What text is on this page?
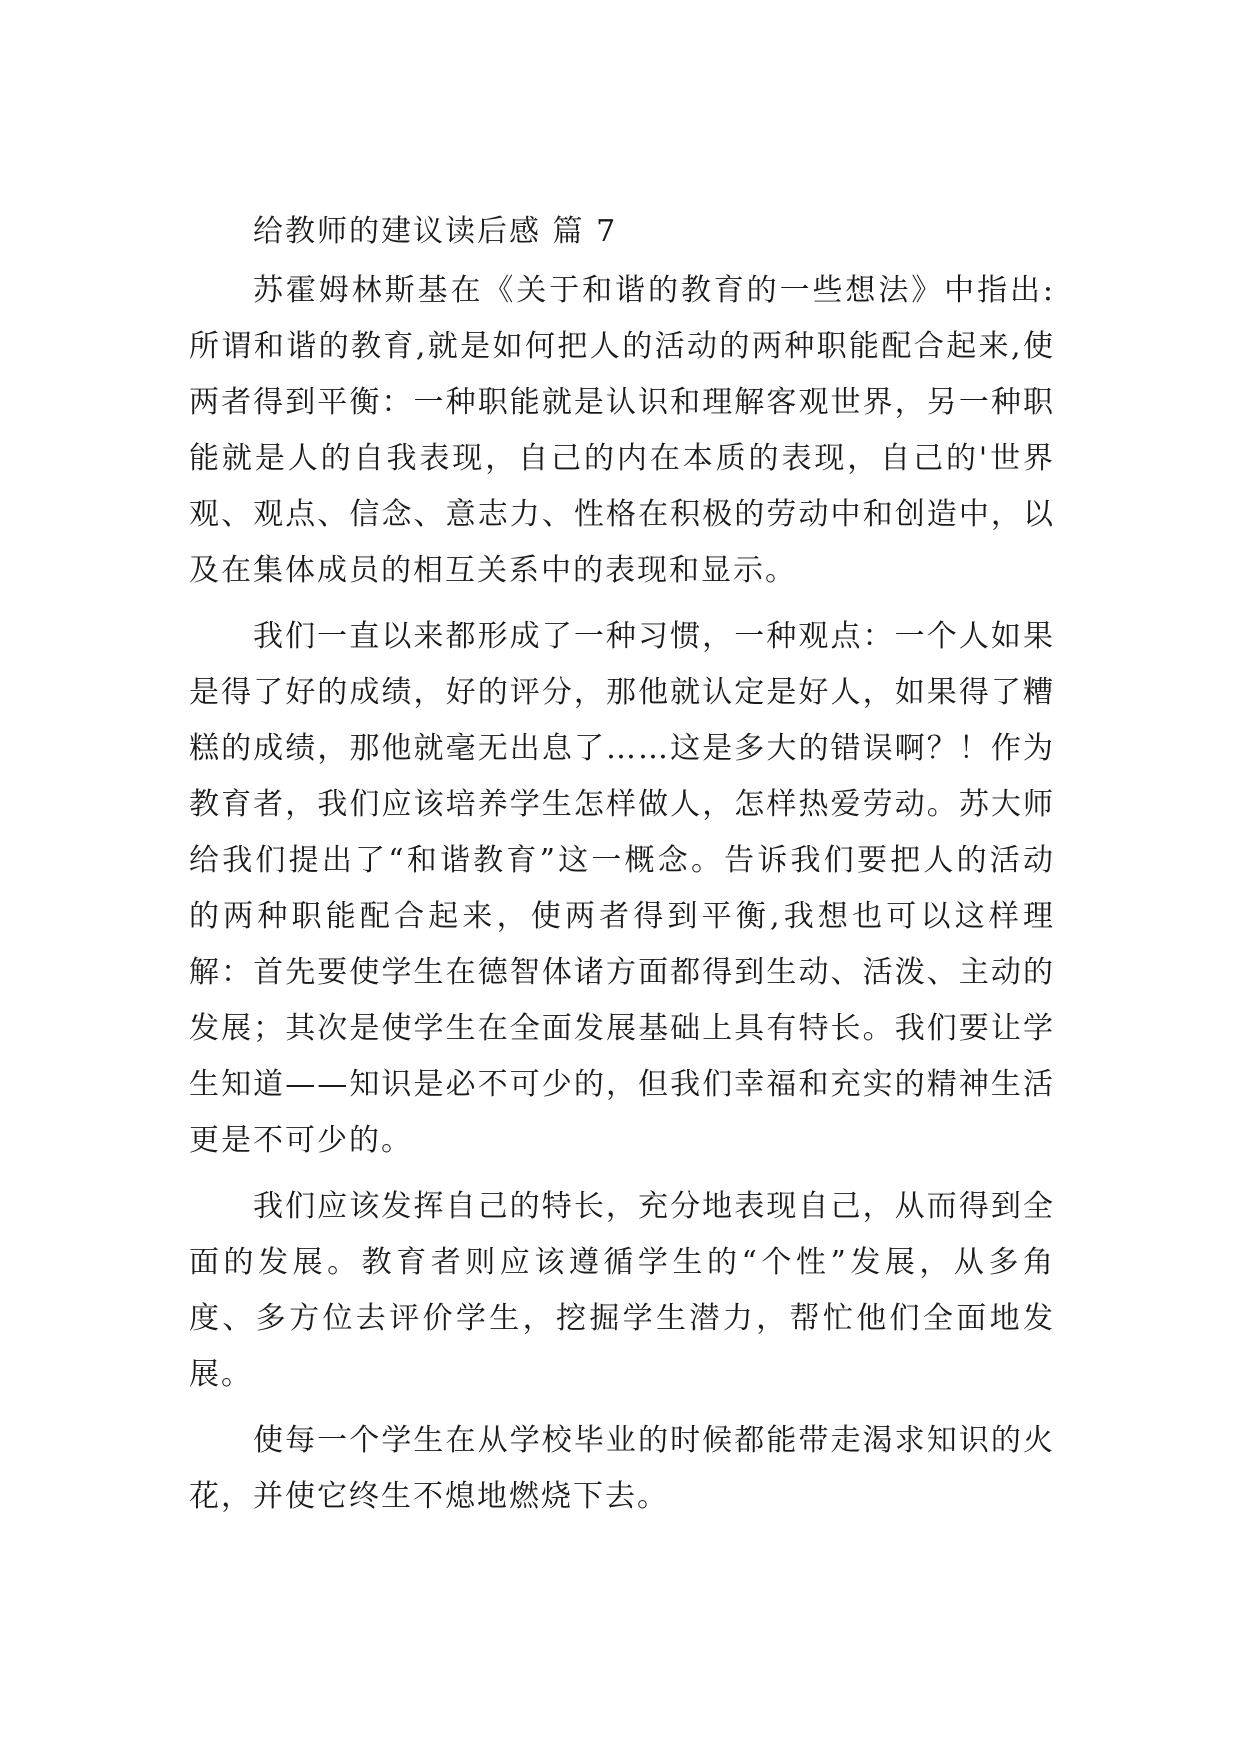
给教师的建议读后感 篇 7

苏霍姆林斯基在《关于和谐的教育的一些想法》中指出:所谓和谐的教育,就是如何把人的活动的两种职能配合起来,使两者得到平衡：一种职能就是认识和理解客观世界，另一种职能就是人的自我表现，自己的内在本质的表现，自己的'世界观、观点、信念、意志力、性格在积极的劳动中和创造中，以及在集体成员的相互关系中的表现和显示。

我们一直以来都形成了一种习惯，一种观点：一个人如果是得了好的成绩，好的评分，那他就认定是好人，如果得了糟糕的成绩，那他就毫无出息了……这是多大的错误啊？！作为教育者，我们应该培养学生怎样做人，怎样热爱劳动。苏大师给我们提出了“和谐教育”这一概念。告诉我们要把人的活动的两种职能配合起来，使两者得到平衡,我想也可以这样理解：首先要使学生在德智体诸方面都得到生动、活泼、主动的发展；其次是使学生在全面发展基础上具有特长。我们要让学生知道——知识是必不可少的，但我们幸福和充实的精神生活更是不可少的。

我们应该发挥自己的特长，充分地表现自己，从而得到全面的发展。教育者则应该遵循学生的“个性”发展，从多角度、多方位去评价学生，挖掘学生潜力，帮忙他们全面地发展。

使每一个学生在从学校毕业的时候都能带走渴求知识的火花，并使它终生不熄地燃烧下去。
